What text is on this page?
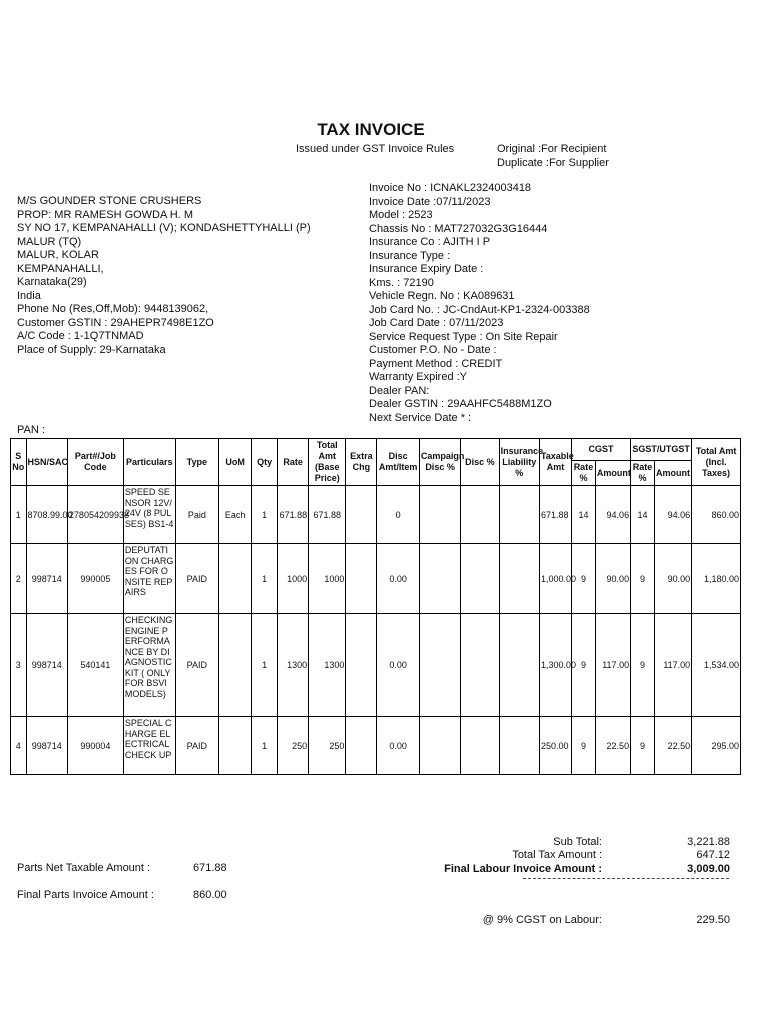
TAX INVOICE
Issued under GST Invoice Rules	Original :For Recipient
Duplicate :For Supplier
M/S GOUNDER STONE CRUSHERS
PROP: MR RAMESH GOWDA H. M
SY NO 17, KEMPANAHALLI (V); KONDASHETTYHALLI (P) MALUR (TQ)
MALUR, KOLAR
KEMPANAHALLI,
Karnataka(29)
India
Phone No (Res,Off,Mob): 9448139062,
Customer GSTIN : 29AHEPR7498E1ZO
A/C Code : 1-1Q7TNMAD
Place of Supply: 29-Karnataka
Invoice No : ICNAKL2324003418
Invoice Date :07/11/2023
Model : 2523
Chassis No : MAT727032G3G16444
Insurance Co : AJITH I P
Insurance Type :
Insurance Expiry Date :
Kms. : 72190
Vehicle Regn. No : KA089631
Job Card No. : JC-CndAut-KP1-2324-003388
Job Card Date : 07/11/2023
Service Request Type : On Site Repair
Customer P.O. No - Date :
Payment Method : CREDIT
Warranty Expired :Y
Dealer PAN:
Dealer GSTIN : 29AAHFC5488M1ZO
Next Service Date * :
PAN :
S No	HSN/SAC	Part#/Job Code	Particulars	Type	UoM	Qty	Rate	Total Amt (Base Price)	Extra Chg	Disc Amt/Item	Campaign Disc %	Disc %	Insurance Liability %	Taxable Amt	CGST		SGST/UTGST		Total Amt (Incl. Taxes)
															Rate %	Amount	Rate %	Amount	
1	8708.99.00	278054209938	SPEED SENSOR 12V/24V (8 PULSES) BS1-4	Paid	Each	1	671.88	671.88		0				671.88	14	94.06	14	94.06	860.00
2	998714	990005	DEPUTATION CHARGES FOR ONSITE REPAIRS	PAID		1	1000	1000		0.00				1,000.00	9	90.00	9	90.00	1,180.00
3	998714	540141	CHECKING ENGINE PERFORMANCE BY DIAGNOSTIC KIT ( ONLY FOR BSVI MODELS)	PAID		1	1300	1300		0.00				1,300.00	9	117.00	9	117.00	1,534.00
4	998714	990004	SPECIAL CHARGE ELECTRICAL CHECK UP	PAID		1	250	250		0.00				250.00	9	22.50	9	22.50	295.00
Sub Total:	3,221.88
Total Tax Amount :	647.12
Final Labour Invoice Amount :	3,009.00
@ 9% CGST on Labour:	229.50
Parts Net Taxable Amount :	671.88
Final Parts Invoice Amount :	860.00
